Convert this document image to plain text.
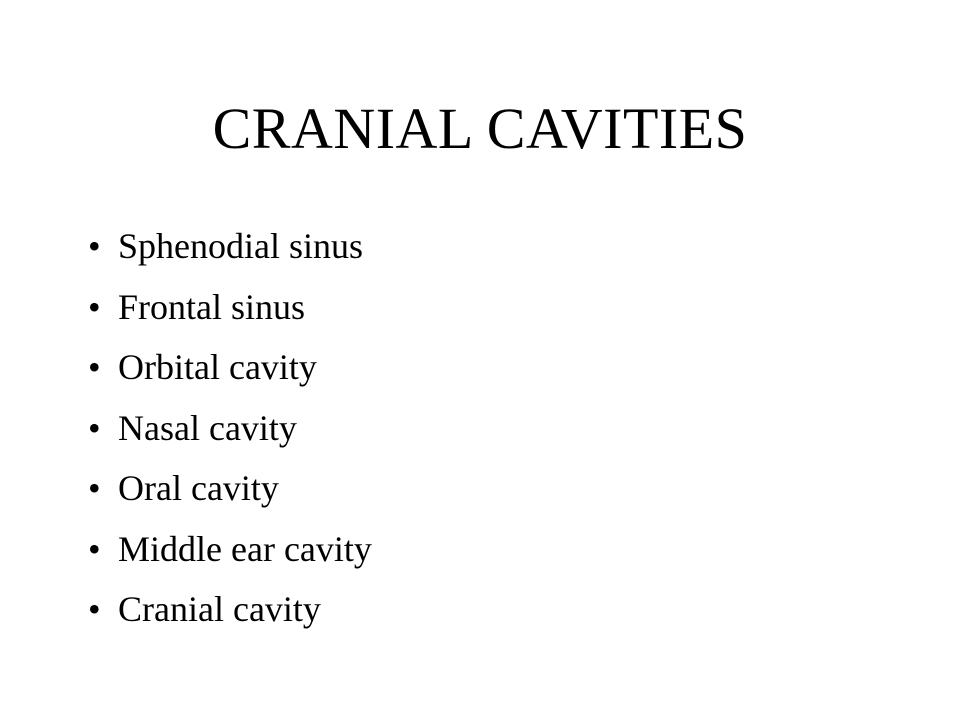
CRANIAL CAVITIES
• Sphenodial sinus
• Frontal sinus
• Orbital cavity
• Nasal cavity
• Oral cavity
• Middle ear cavity
• Cranial cavity
